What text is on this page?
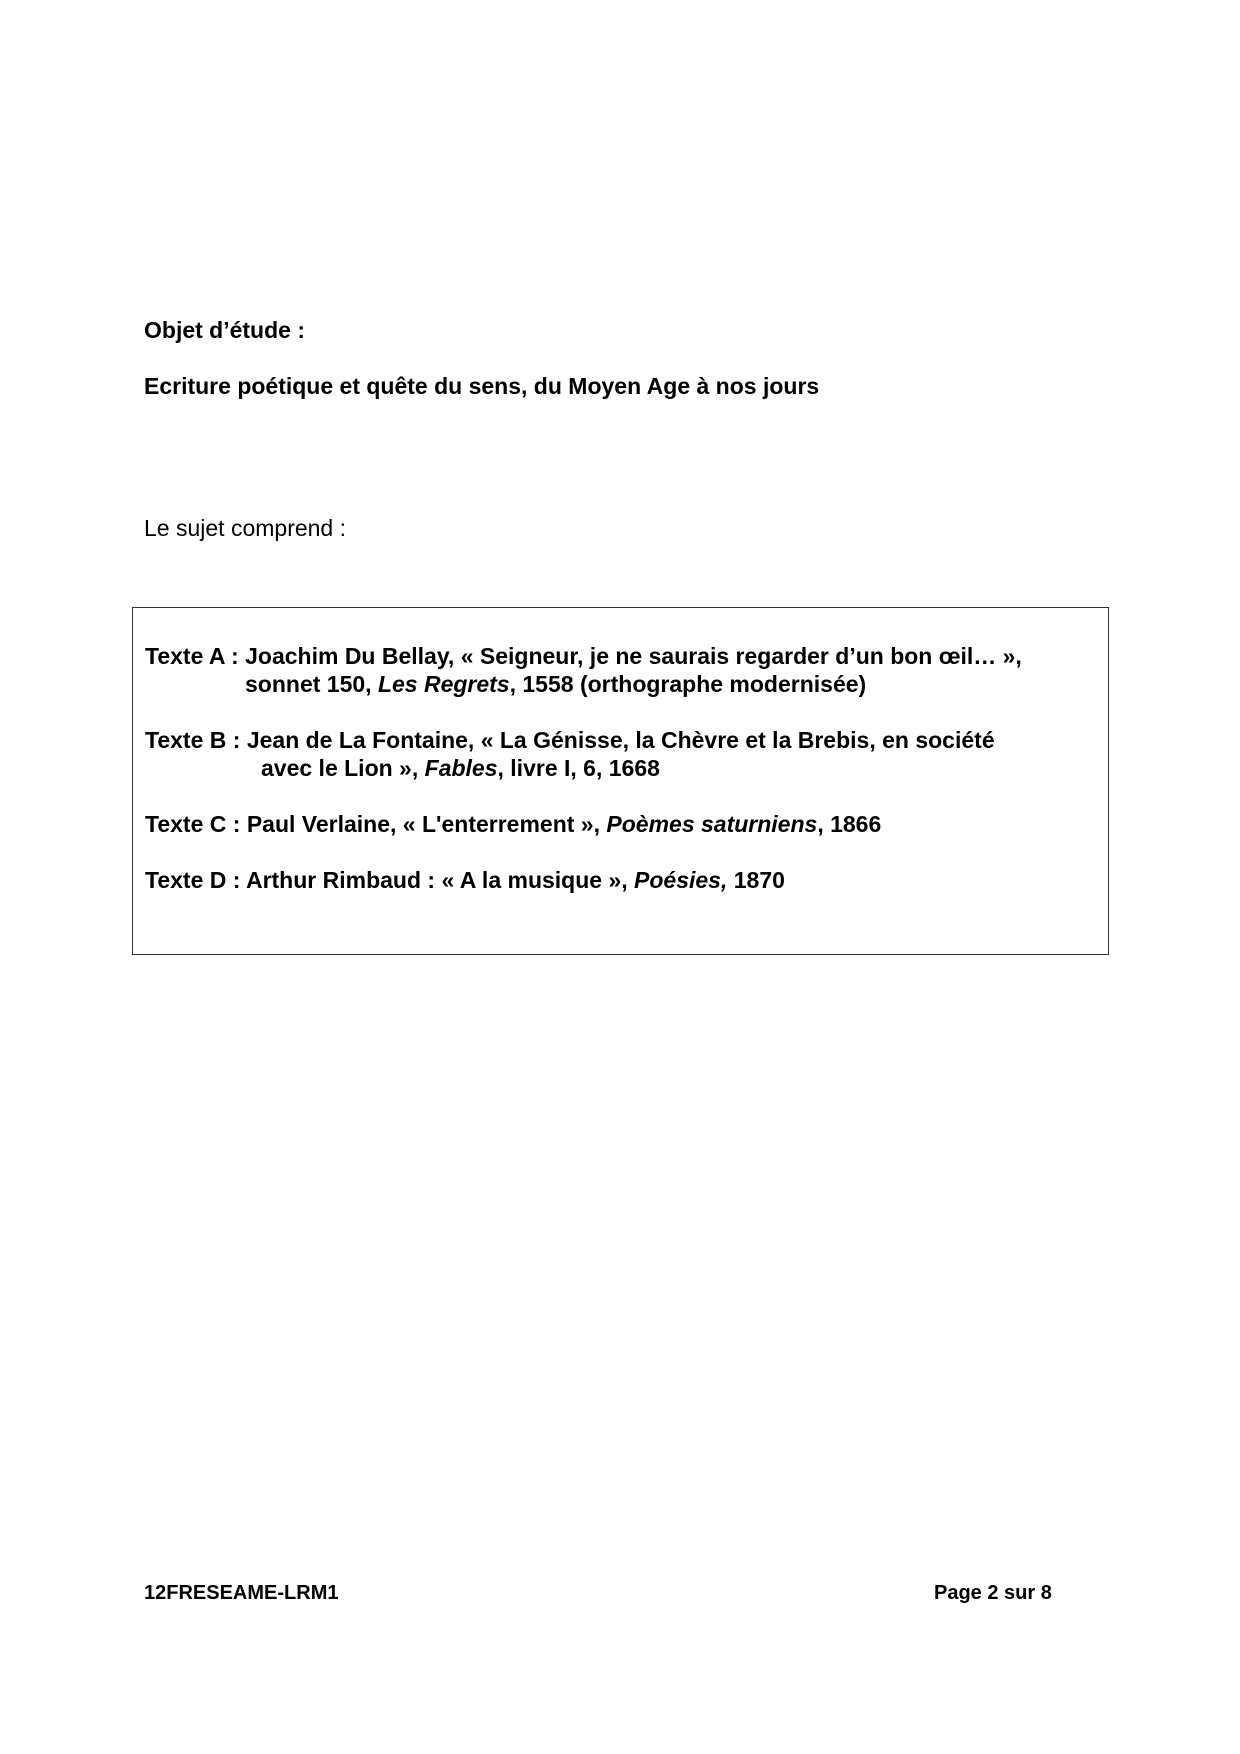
Objet d’étude :
Ecriture poétique et quête du sens, du Moyen Age à nos jours
Le sujet comprend :
Texte A : Joachim Du Bellay, « Seigneur, je ne saurais regarder d’un bon œil… »,
sonnet 150, Les Regrets, 1558 (orthographe modernisée)
Texte B : Jean de La Fontaine, « La Génisse, la Chèvre et la Brebis, en société
avec le Lion », Fables, livre I, 6, 1668
Texte C : Paul Verlaine, « L'enterrement », Poèmes saturniens, 1866
Texte D : Arthur Rimbaud : « A la musique », Poésies, 1870
12FRESEAME-LRM1	Page 2 sur 8
